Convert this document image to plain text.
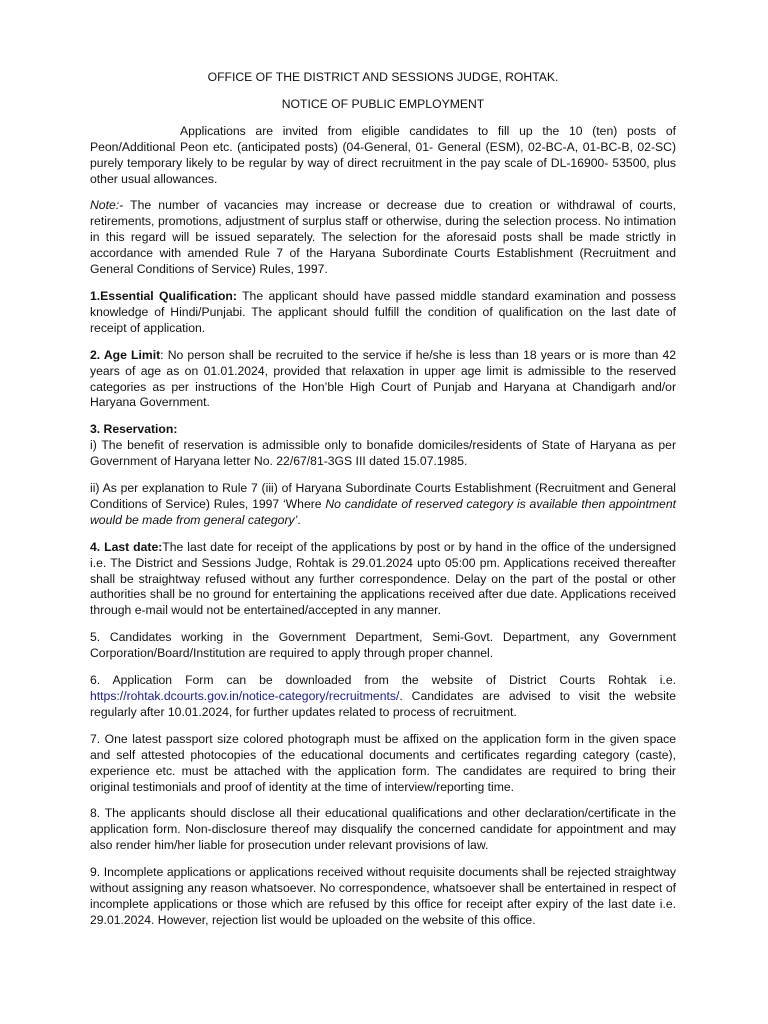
OFFICE OF THE DISTRICT AND SESSIONS JUDGE, ROHTAK.

NOTICE OF PUBLIC EMPLOYMENT

Applications are invited from eligible candidates to fill up the 10 (ten) posts of Peon/Additional Peon etc. (anticipated posts) (04-General, 01- General (ESM), 02-BC-A, 01-BC-B, 02-SC) purely temporary likely to be regular by way of direct recruitment in the pay scale of DL-16900- 53500, plus other usual allowances.

Note:- The number of vacancies may increase or decrease due to creation or withdrawal of courts, retirements, promotions, adjustment of surplus staff or otherwise, during the selection process. No intimation in this regard will be issued separately. The selection for the aforesaid posts shall be made strictly in accordance with amended Rule 7 of the Haryana Subordinate Courts Establishment (Recruitment and General Conditions of Service) Rules, 1997.

1.Essential Qualification: The applicant should have passed middle standard examination and possess knowledge of Hindi/Punjabi. The applicant should fulfill the condition of qualification on the last date of receipt of application.

2. Age Limit: No person shall be recruited to the service if he/she is less than 18 years or is more than 42 years of age as on 01.01.2024, provided that relaxation in upper age limit is admissible to the reserved categories as per instructions of the Hon’ble High Court of Punjab and Haryana at Chandigarh and/or Haryana Government.

3. Reservation:
i) The benefit of reservation is admissible only to bonafide domiciles/residents of State of Haryana as per Government of Haryana letter No. 22/67/81-3GS III dated 15.07.1985.

ii) As per explanation to Rule 7 (iii) of Haryana Subordinate Courts Establishment (Recruitment and General Conditions of Service) Rules, 1997 ‘Where No candidate of reserved category is available then appointment would be made from general category’.

4. Last date:The last date for receipt of the applications by post or by hand in the office of the undersigned i.e. The District and Sessions Judge, Rohtak is 29.01.2024 upto 05:00 pm. Applications received thereafter shall be straightway refused without any further correspondence. Delay on the part of the postal or other authorities shall be no ground for entertaining the applications received after due date. Applications received through e-mail would not be entertained/accepted in any manner.

5. Candidates working in the Government Department, Semi-Govt. Department, any Government Corporation/Board/Institution are required to apply through proper channel.

6. Application Form can be downloaded from the website of District Courts Rohtak i.e. https://rohtak.dcourts.gov.in/notice-category/recruitments/. Candidates are advised to visit the website regularly after 10.01.2024, for further updates related to process of recruitment.

7. One latest passport size colored photograph must be affixed on the application form in the given space and self attested photocopies of the educational documents and certificates regarding category (caste), experience etc. must be attached with the application form. The candidates are required to bring their original testimonials and proof of identity at the time of interview/reporting time.

8. The applicants should disclose all their educational qualifications and other declaration/certificate in the application form. Non-disclosure thereof may disqualify the concerned candidate for appointment and may also render him/her liable for prosecution under relevant provisions of law.

9. Incomplete applications or applications received without requisite documents shall be rejected straightway without assigning any reason whatsoever. No correspondence, whatsoever shall be entertained in respect of incomplete applications or those which are refused by this office for receipt after expiry of the last date i.e. 29.01.2024. However, rejection list would be uploaded on the website of this office.
